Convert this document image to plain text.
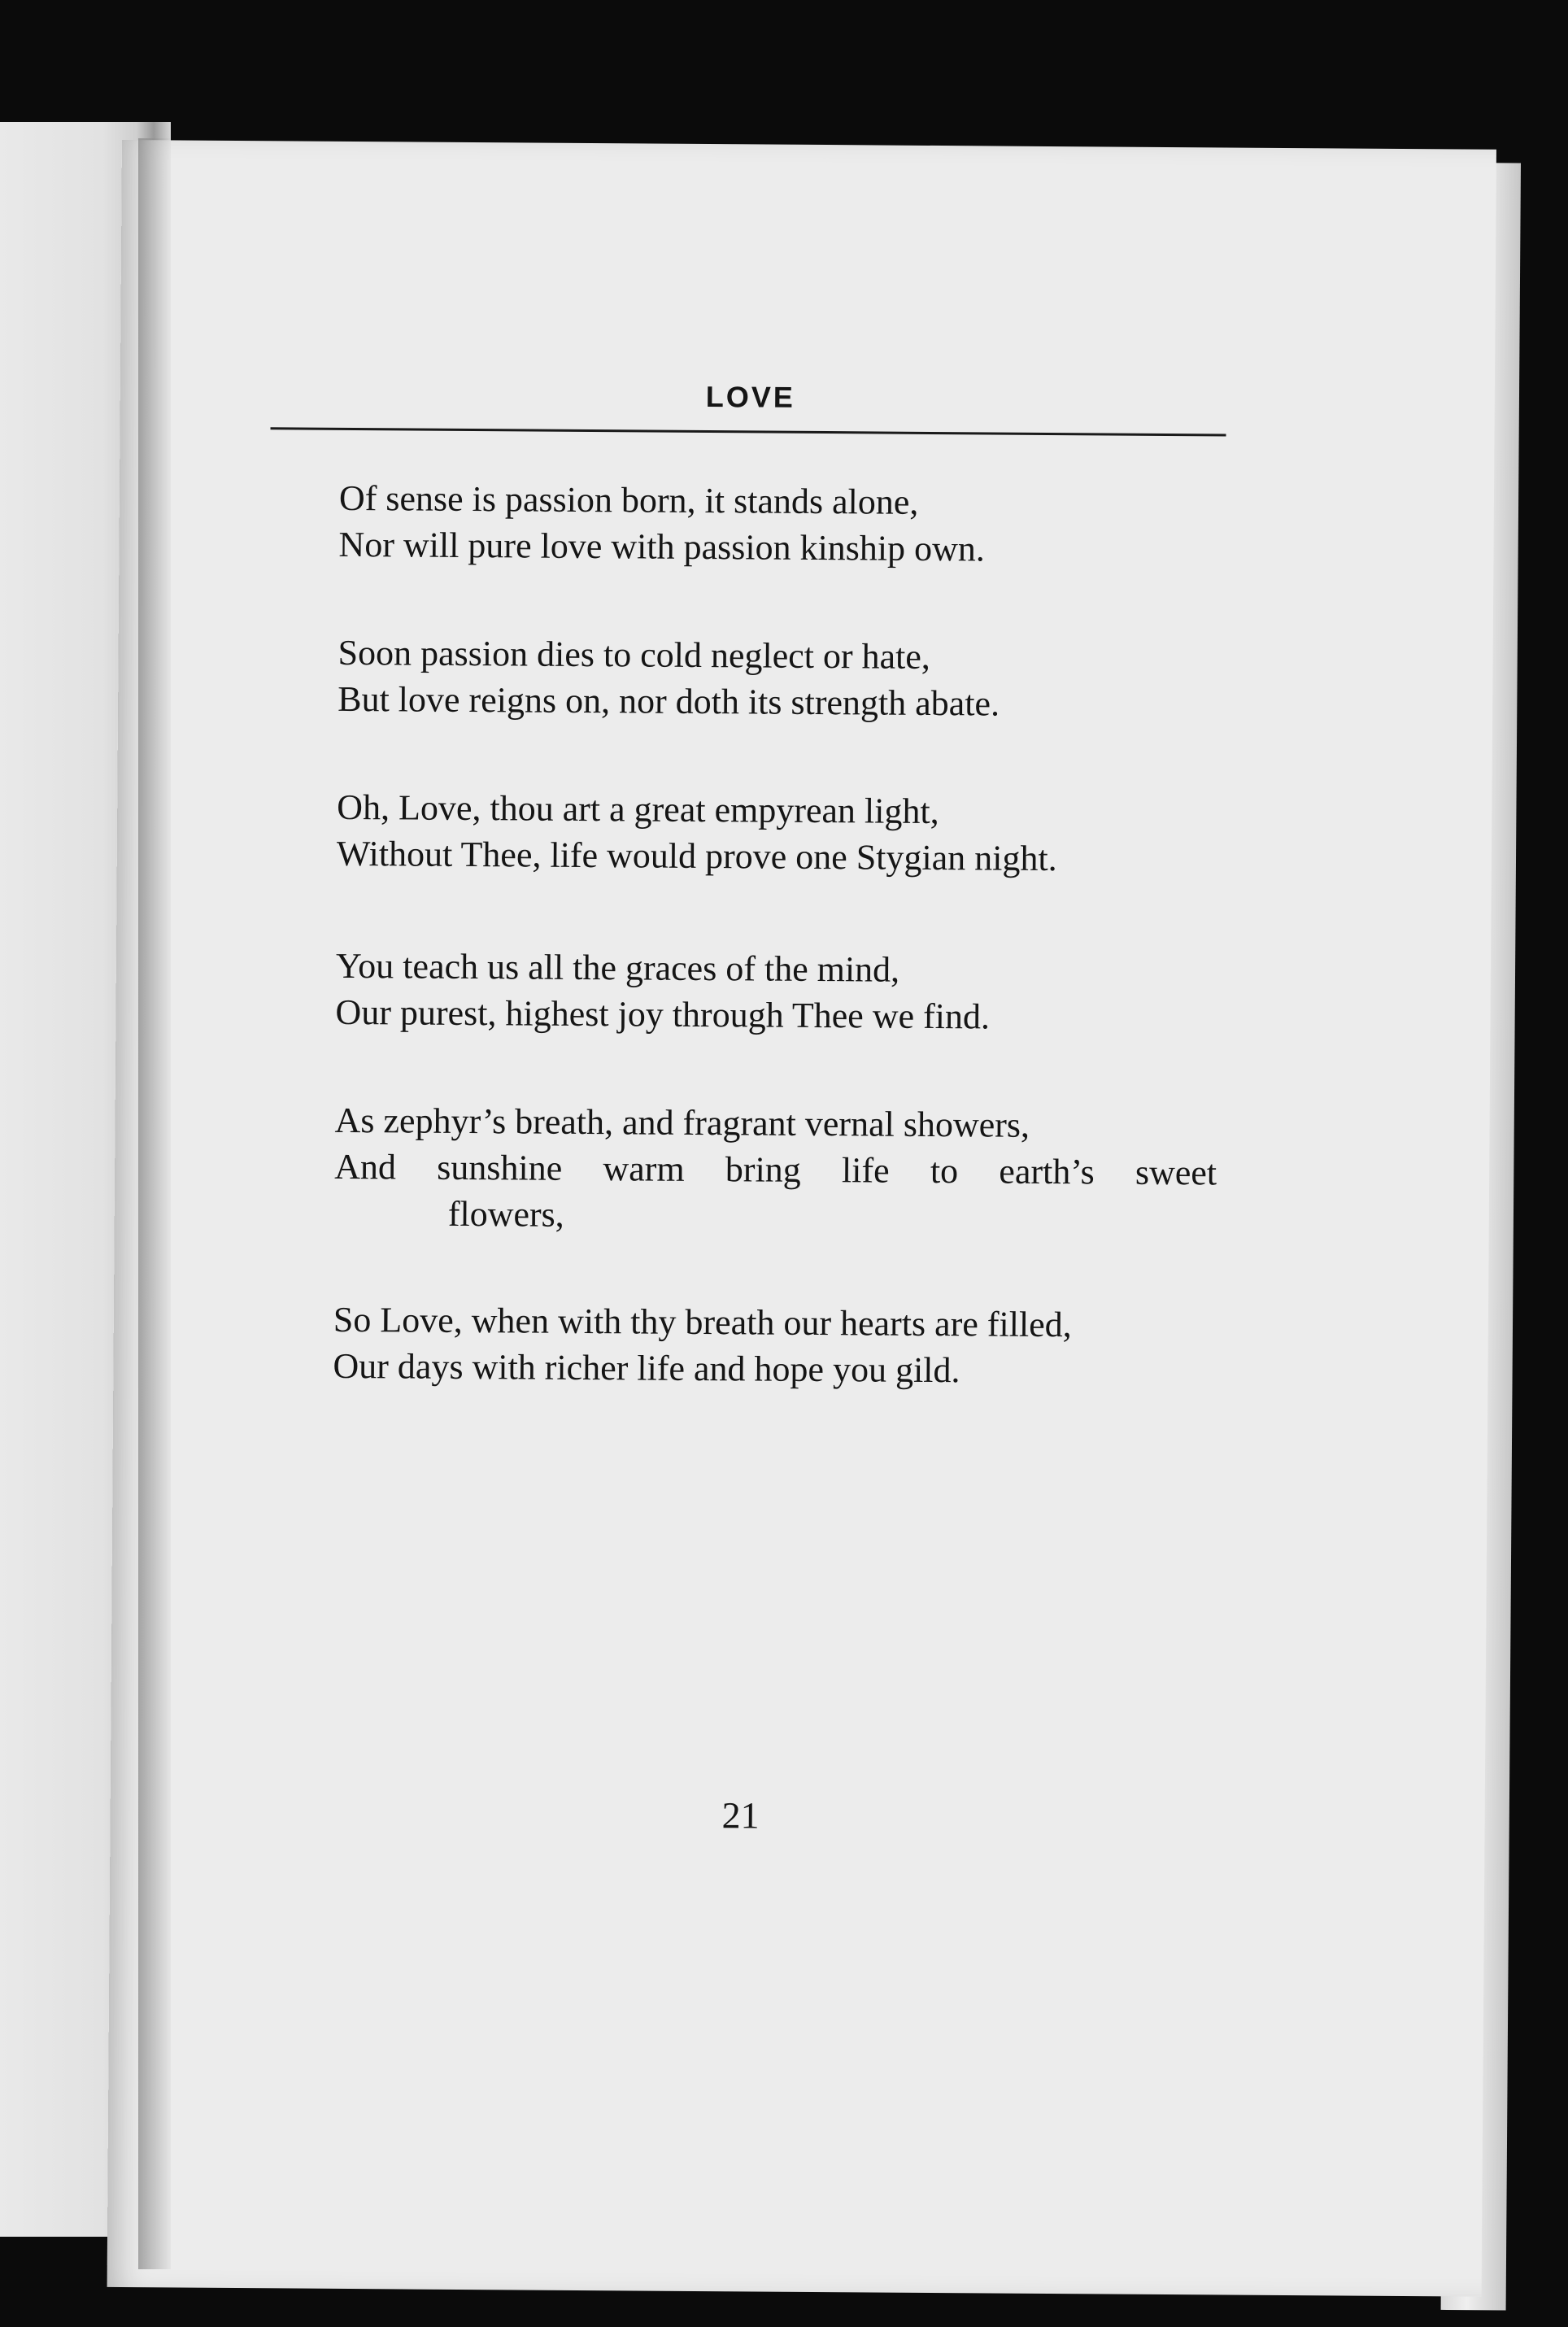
LOVE
Of sense is passion born, it stands alone,
Nor will pure love with passion kinship own.
Soon passion dies to cold neglect or hate,
But love reigns on, nor doth its strength abate.
Oh, Love, thou art a great empyrean light,
Without Thee, life would prove one Stygian night.
You teach us all the graces of the mind,
Our purest, highest joy through Thee we find.
As zephyr’s breath, and fragrant vernal showers,
And sunshine warm bring life to earth’s sweet
flowers,
So Love, when with thy breath our hearts are filled,
Our days with richer life and hope you gild.
21
